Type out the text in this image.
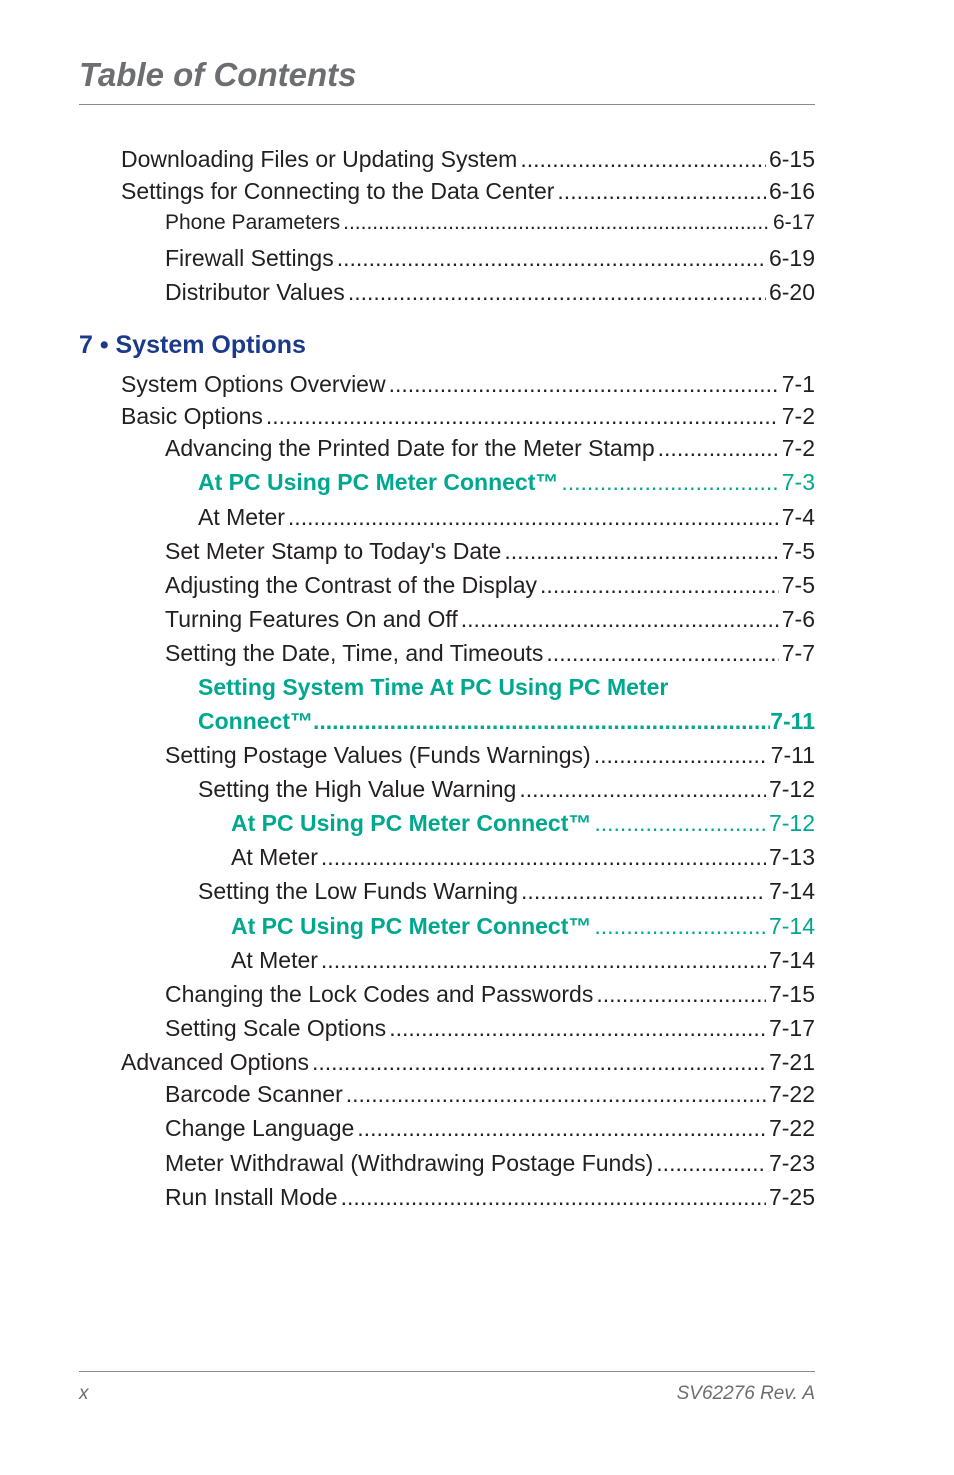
Table of Contents
Downloading Files or Updating System .....	6-15
Settings for Connecting to the Data Center .....	6-16
Phone Parameters .....	6-17
Firewall Settings .....	6-19
Distributor Values .....	6-20
7 • System Options
System Options Overview .....	7-1
Basic Options .....	7-2
Advancing the Printed Date for the Meter Stamp .....	7-2
At PC Using PC Meter Connect™ .....	7-3
At Meter .....	7-4
Set Meter Stamp to Today's Date .....	7-5
Adjusting the Contrast of the Display .....	7-5
Turning Features On and Off .....	7-6
Setting the Date, Time, and Timeouts .....	7-7
Setting System Time At PC Using PC Meter
Connect™ .....	7-11
Setting Postage Values (Funds Warnings) .....	7-11
Setting the High Value Warning .....	7-12
At PC Using PC Meter Connect™ .....	7-12
At Meter .....	7-13
Setting the Low Funds Warning .....	7-14
At PC Using PC Meter Connect™ .....	7-14
At Meter .....	7-14
Changing the Lock Codes and Passwords .....	7-15
Setting Scale Options .....	7-17
Advanced Options .....	7-21
Barcode Scanner .....	7-22
Change Language .....	7-22
Meter Withdrawal (Withdrawing Postage Funds) .....	7-23
Run Install Mode .....	7-25
x	SV62276 Rev. A
